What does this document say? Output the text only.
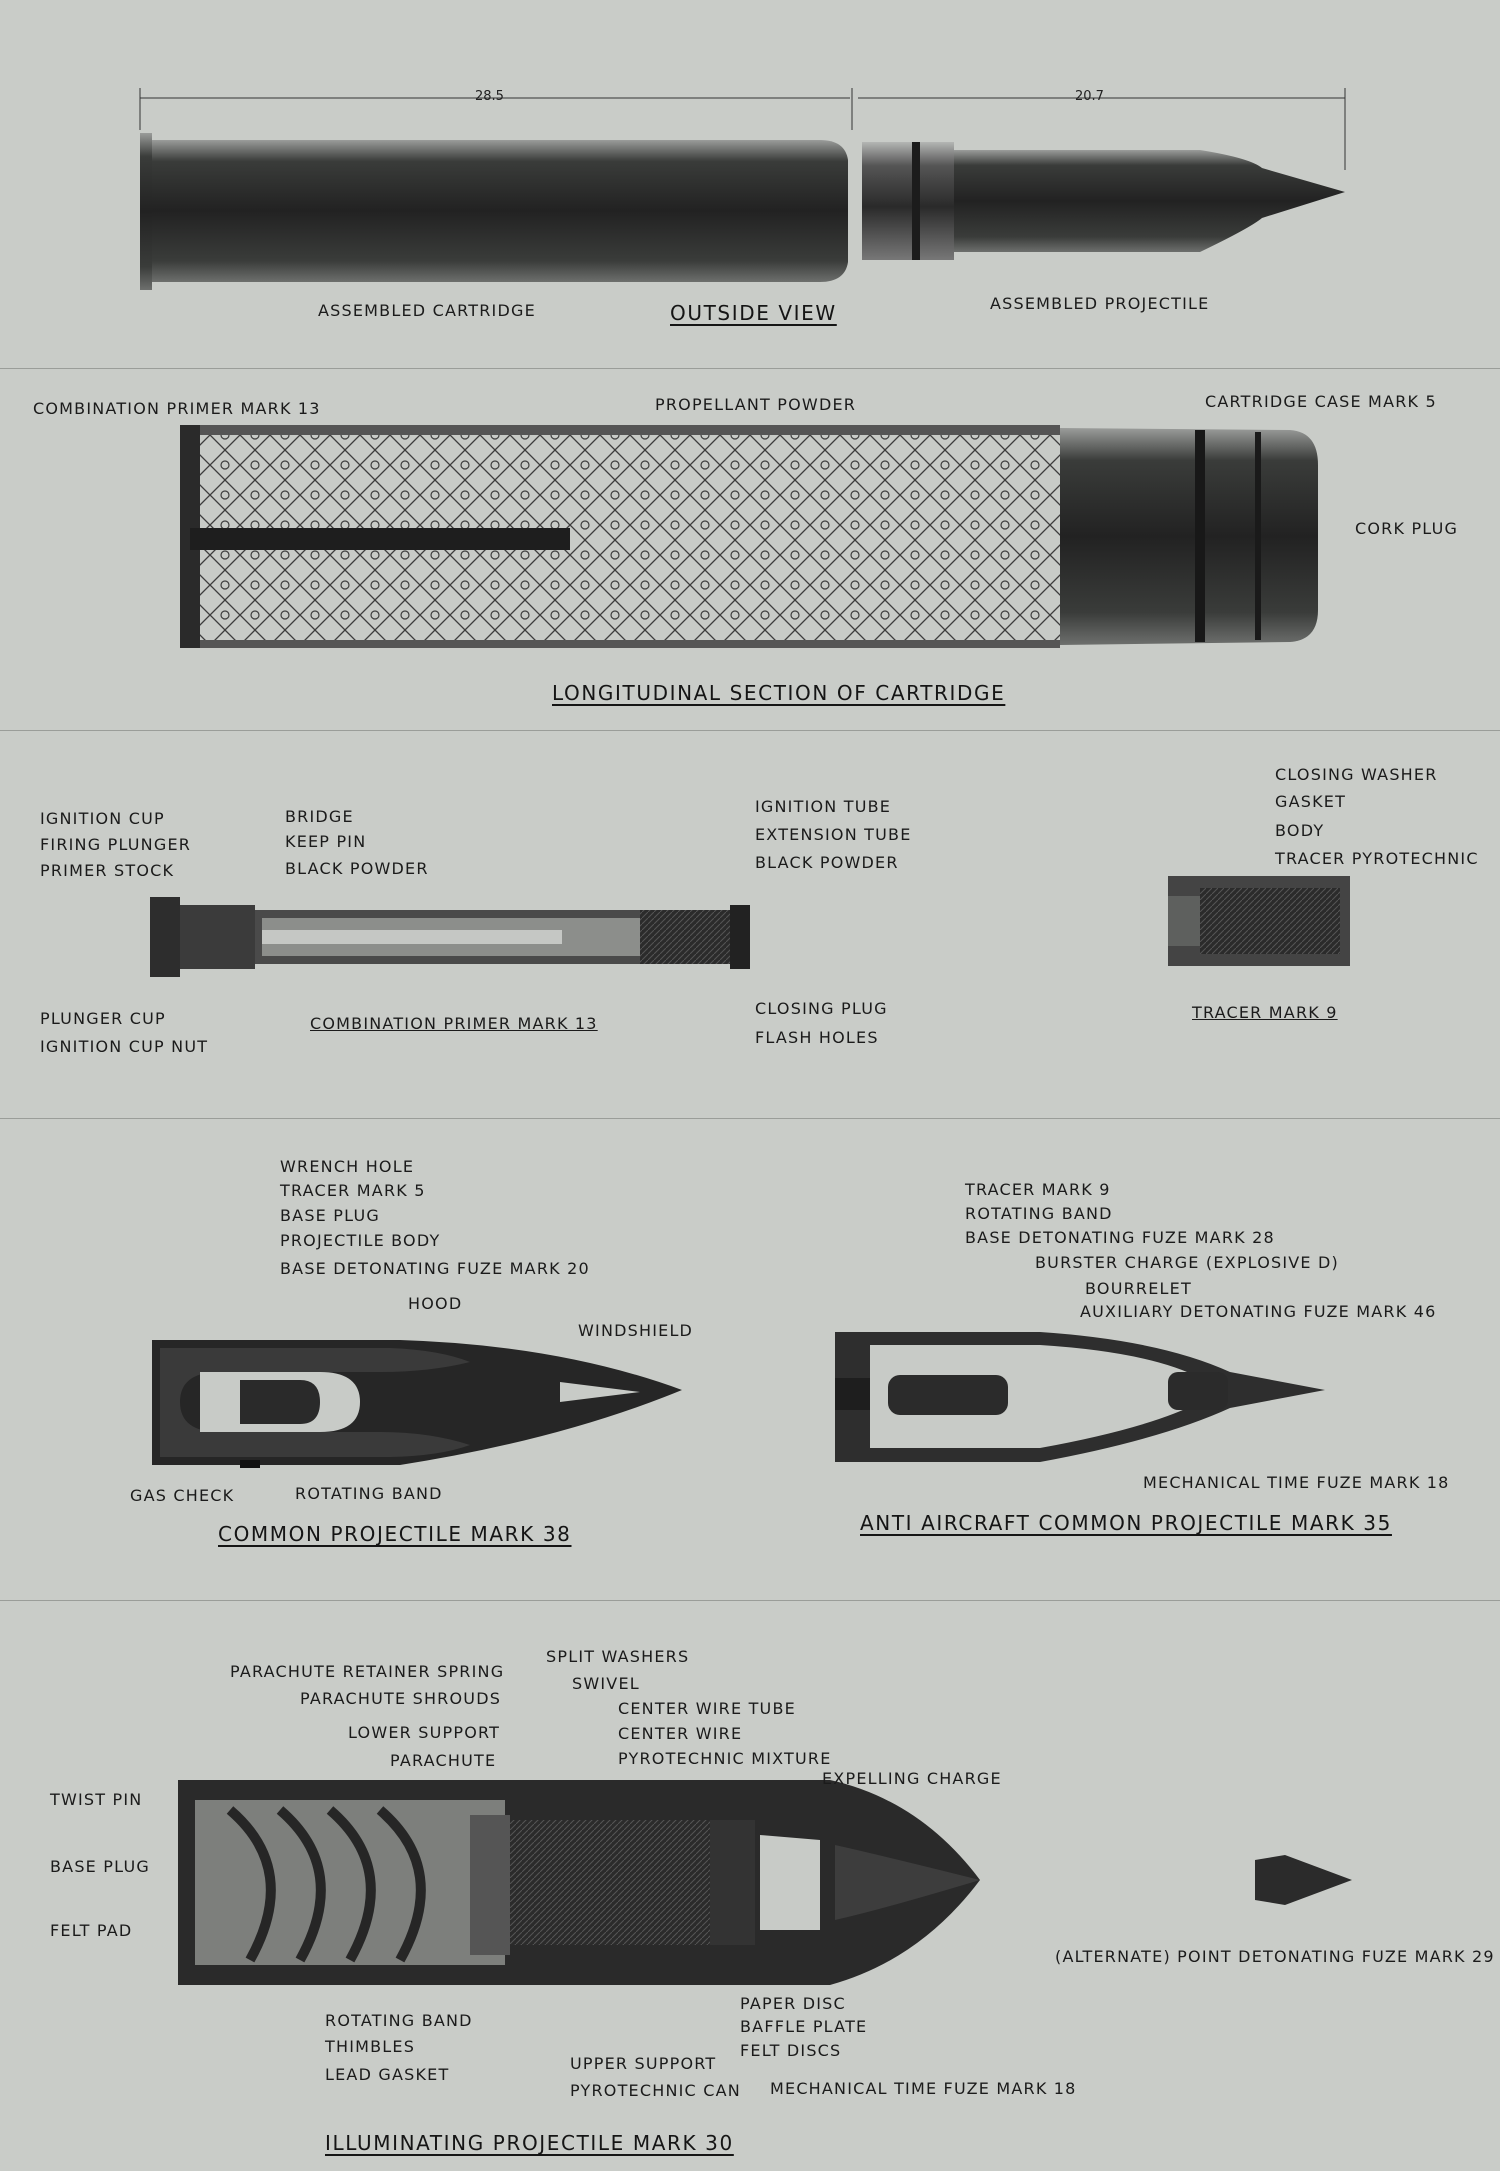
28.5	20.7
ASSEMBLED CARTRIDGE	ASSEMBLED PROJECTILE
OUTSIDE VIEW
COMBINATION PRIMER MARK 13	PROPELLANT POWDER	CARTRIDGE CASE MARK 5
CORK PLUG
LONGITUDINAL SECTION OF CARTRIDGE
IGNITION CUP
FIRING PLUNGER
PRIMER STOCK
BRIDGE
KEEP PIN
BLACK POWDER
IGNITION TUBE
EXTENSION TUBE
BLACK POWDER
PLUNGER CUP
IGNITION CUP NUT
CLOSING PLUG
FLASH HOLES
COMBINATION PRIMER MARK 13
CLOSING WASHER
GASKET
BODY
TRACER PYROTECHNIC
TRACER MARK 9
WRENCH HOLE
TRACER MARK 5
BASE PLUG
PROJECTILE BODY
BASE DETONATING FUZE MARK 20
HOOD
WINDSHIELD
GAS CHECK	ROTATING BAND
COMMON PROJECTILE MARK 38
TRACER MARK 9
ROTATING BAND
BASE DETONATING FUZE MARK 28
BURSTER CHARGE (EXPLOSIVE D)
BOURRELET
AUXILIARY DETONATING FUZE MARK 46
MECHANICAL TIME FUZE MARK 18
ANTI AIRCRAFT COMMON PROJECTILE MARK 35
PARACHUTE RETAINER SPRING
PARACHUTE SHROUDS
LOWER SUPPORT
PARACHUTE
SPLIT WASHERS
SWIVEL
CENTER WIRE TUBE
CENTER WIRE
PYROTECHNIC MIXTURE
EXPELLING CHARGE
TWIST PIN
BASE PLUG
FELT PAD
ROTATING BAND
THIMBLES
LEAD GASKET
UPPER SUPPORT
PYROTECHNIC CAN
PAPER DISC
BAFFLE PLATE
FELT DISCS
MECHANICAL TIME FUZE MARK 18
(ALTERNATE) POINT DETONATING FUZE MARK 29
ILLUMINATING PROJECTILE MARK 30
